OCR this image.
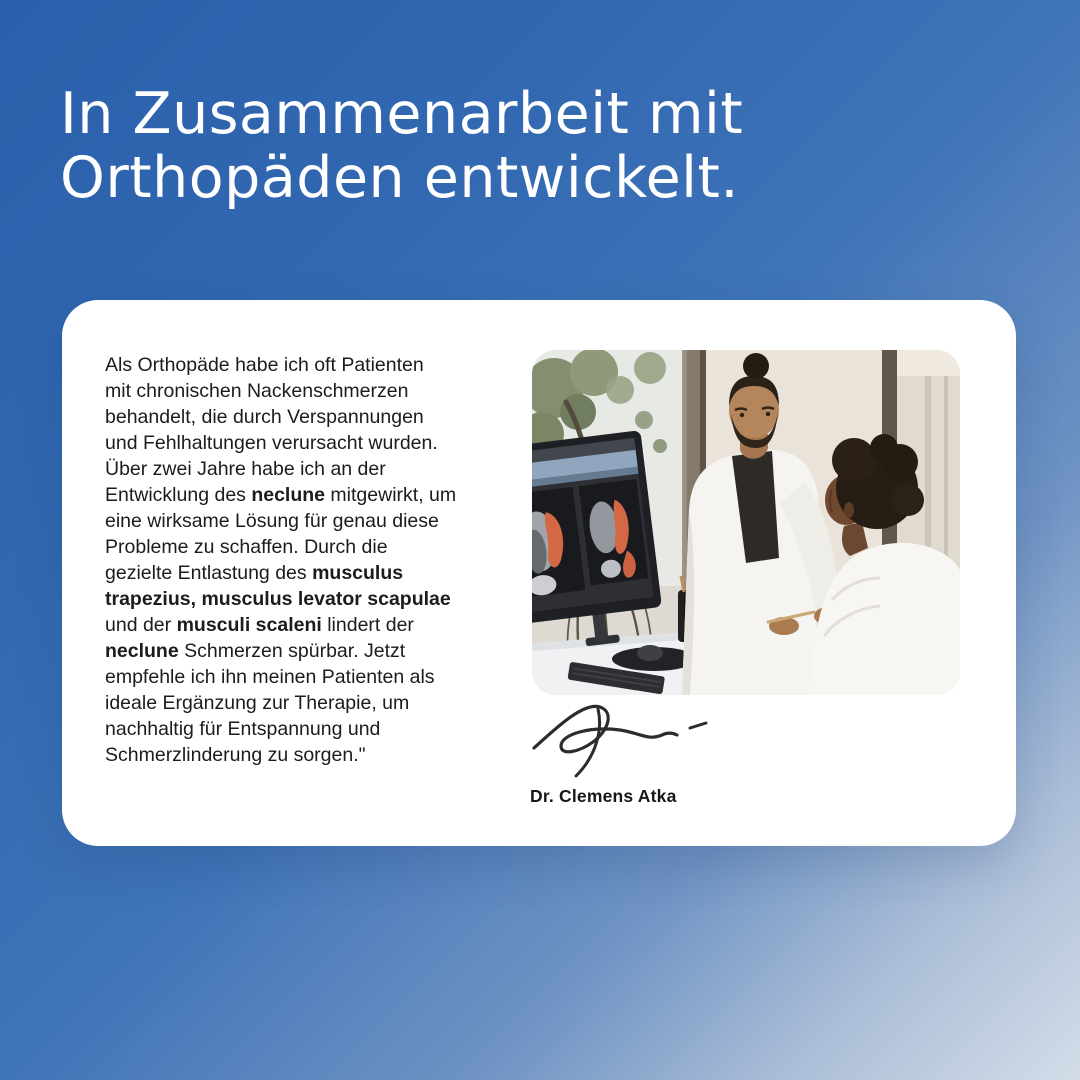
In Zusammenarbeit mit
Orthopäden entwickelt.

Als Orthopäde habe ich oft Patienten
mit chronischen Nackenschmerzen
behandelt, die durch Verspannungen
und Fehlhaltungen verursacht wurden.
Über zwei Jahre habe ich an der
Entwicklung des neclune mitgewirkt, um
eine wirksame Lösung für genau diese
Probleme zu schaffen. Durch die
gezielte Entlastung des musculus
trapezius, musculus levator scapulae
und der musculi scaleni lindert der
neclune Schmerzen spürbar. Jetzt
empfehle ich ihn meinen Patienten als
ideale Ergänzung zur Therapie, um
nachhaltig für Entspannung und
Schmerzlinderung zu sorgen."

Dr. Clemens Atka
